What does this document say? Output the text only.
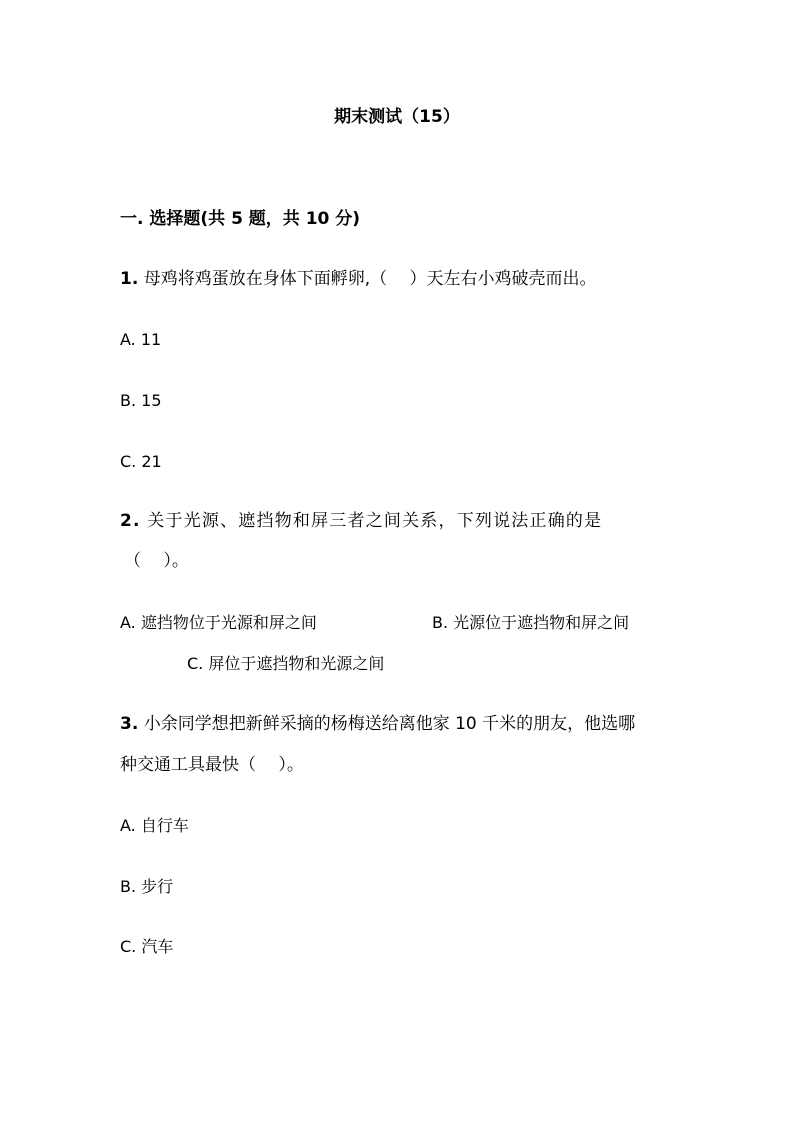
期末测试（15）
一. 选择题(共 5 题，共 10 分)
1. 母鸡将鸡蛋放在身体下面孵卵,（　 ）天左右小鸡破壳而出。
A. 11
B. 15
C. 21
2. 关于光源、遮挡物和屏三者之间关系，下列说法正确的是
（　 ）。
A. 遮挡物位于光源和屏之间	B. 光源位于遮挡物和屏之间
C. 屏位于遮挡物和光源之间
3. 小余同学想把新鲜采摘的杨梅送给离他家 10 千米的朋友，他选哪
种交通工具最快（　 ）。
A. 自行车
B. 步行
C. 汽车
